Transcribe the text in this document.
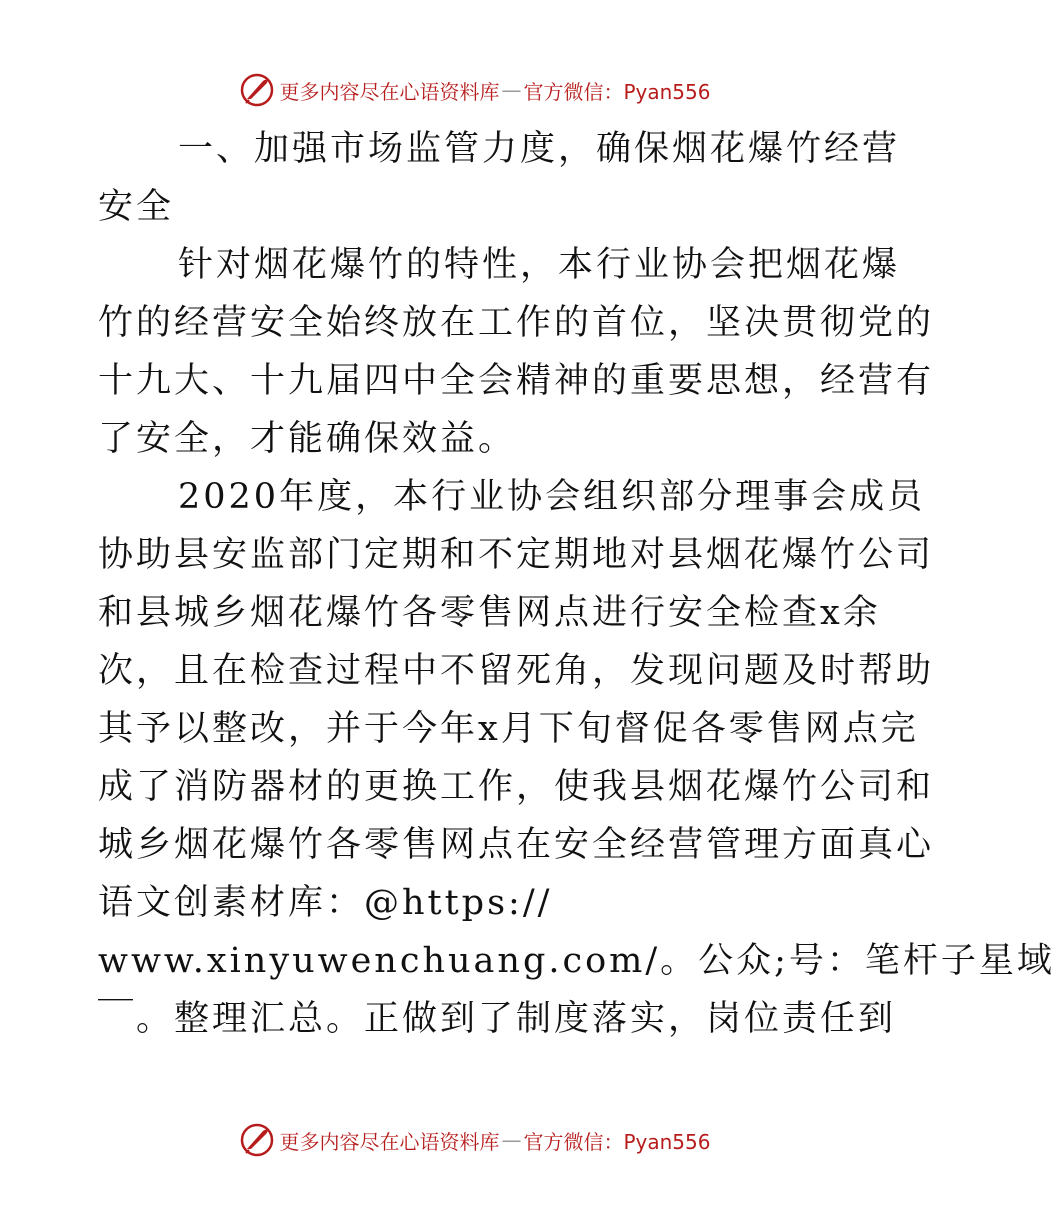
更多内容尽在心语资料库 — 官方微信：Pyan556
一、加强市场监管力度，确保烟花爆竹经营
安全
针对烟花爆竹的特性，本行业协会把烟花爆
竹的经营安全始终放在工作的首位，坚决贯彻党的
十九大、十九届四中全会精神的重要思想，经营有
了安全，才能确保效益。
2020年度，本行业协会组织部分理事会成员
协助县安监部门定期和不定期地对县烟花爆竹公司
和县城乡烟花爆竹各零售网点进行安全检查x余
次，且在检查过程中不留死角，发现问题及时帮助
其予以整改，并于今年x月下旬督促各零售网点完
成了消防器材的更换工作，使我县烟花爆竹公司和
城乡烟花爆竹各零售网点在安全经营管理方面真心
语文创素材库：@https://
www.xinyuwenchuang.com/。公众;号：笔杆子星域
￣。整理汇总。正做到了制度落实，岗位责任到
更多内容尽在心语资料库 — 官方微信：Pyan556
